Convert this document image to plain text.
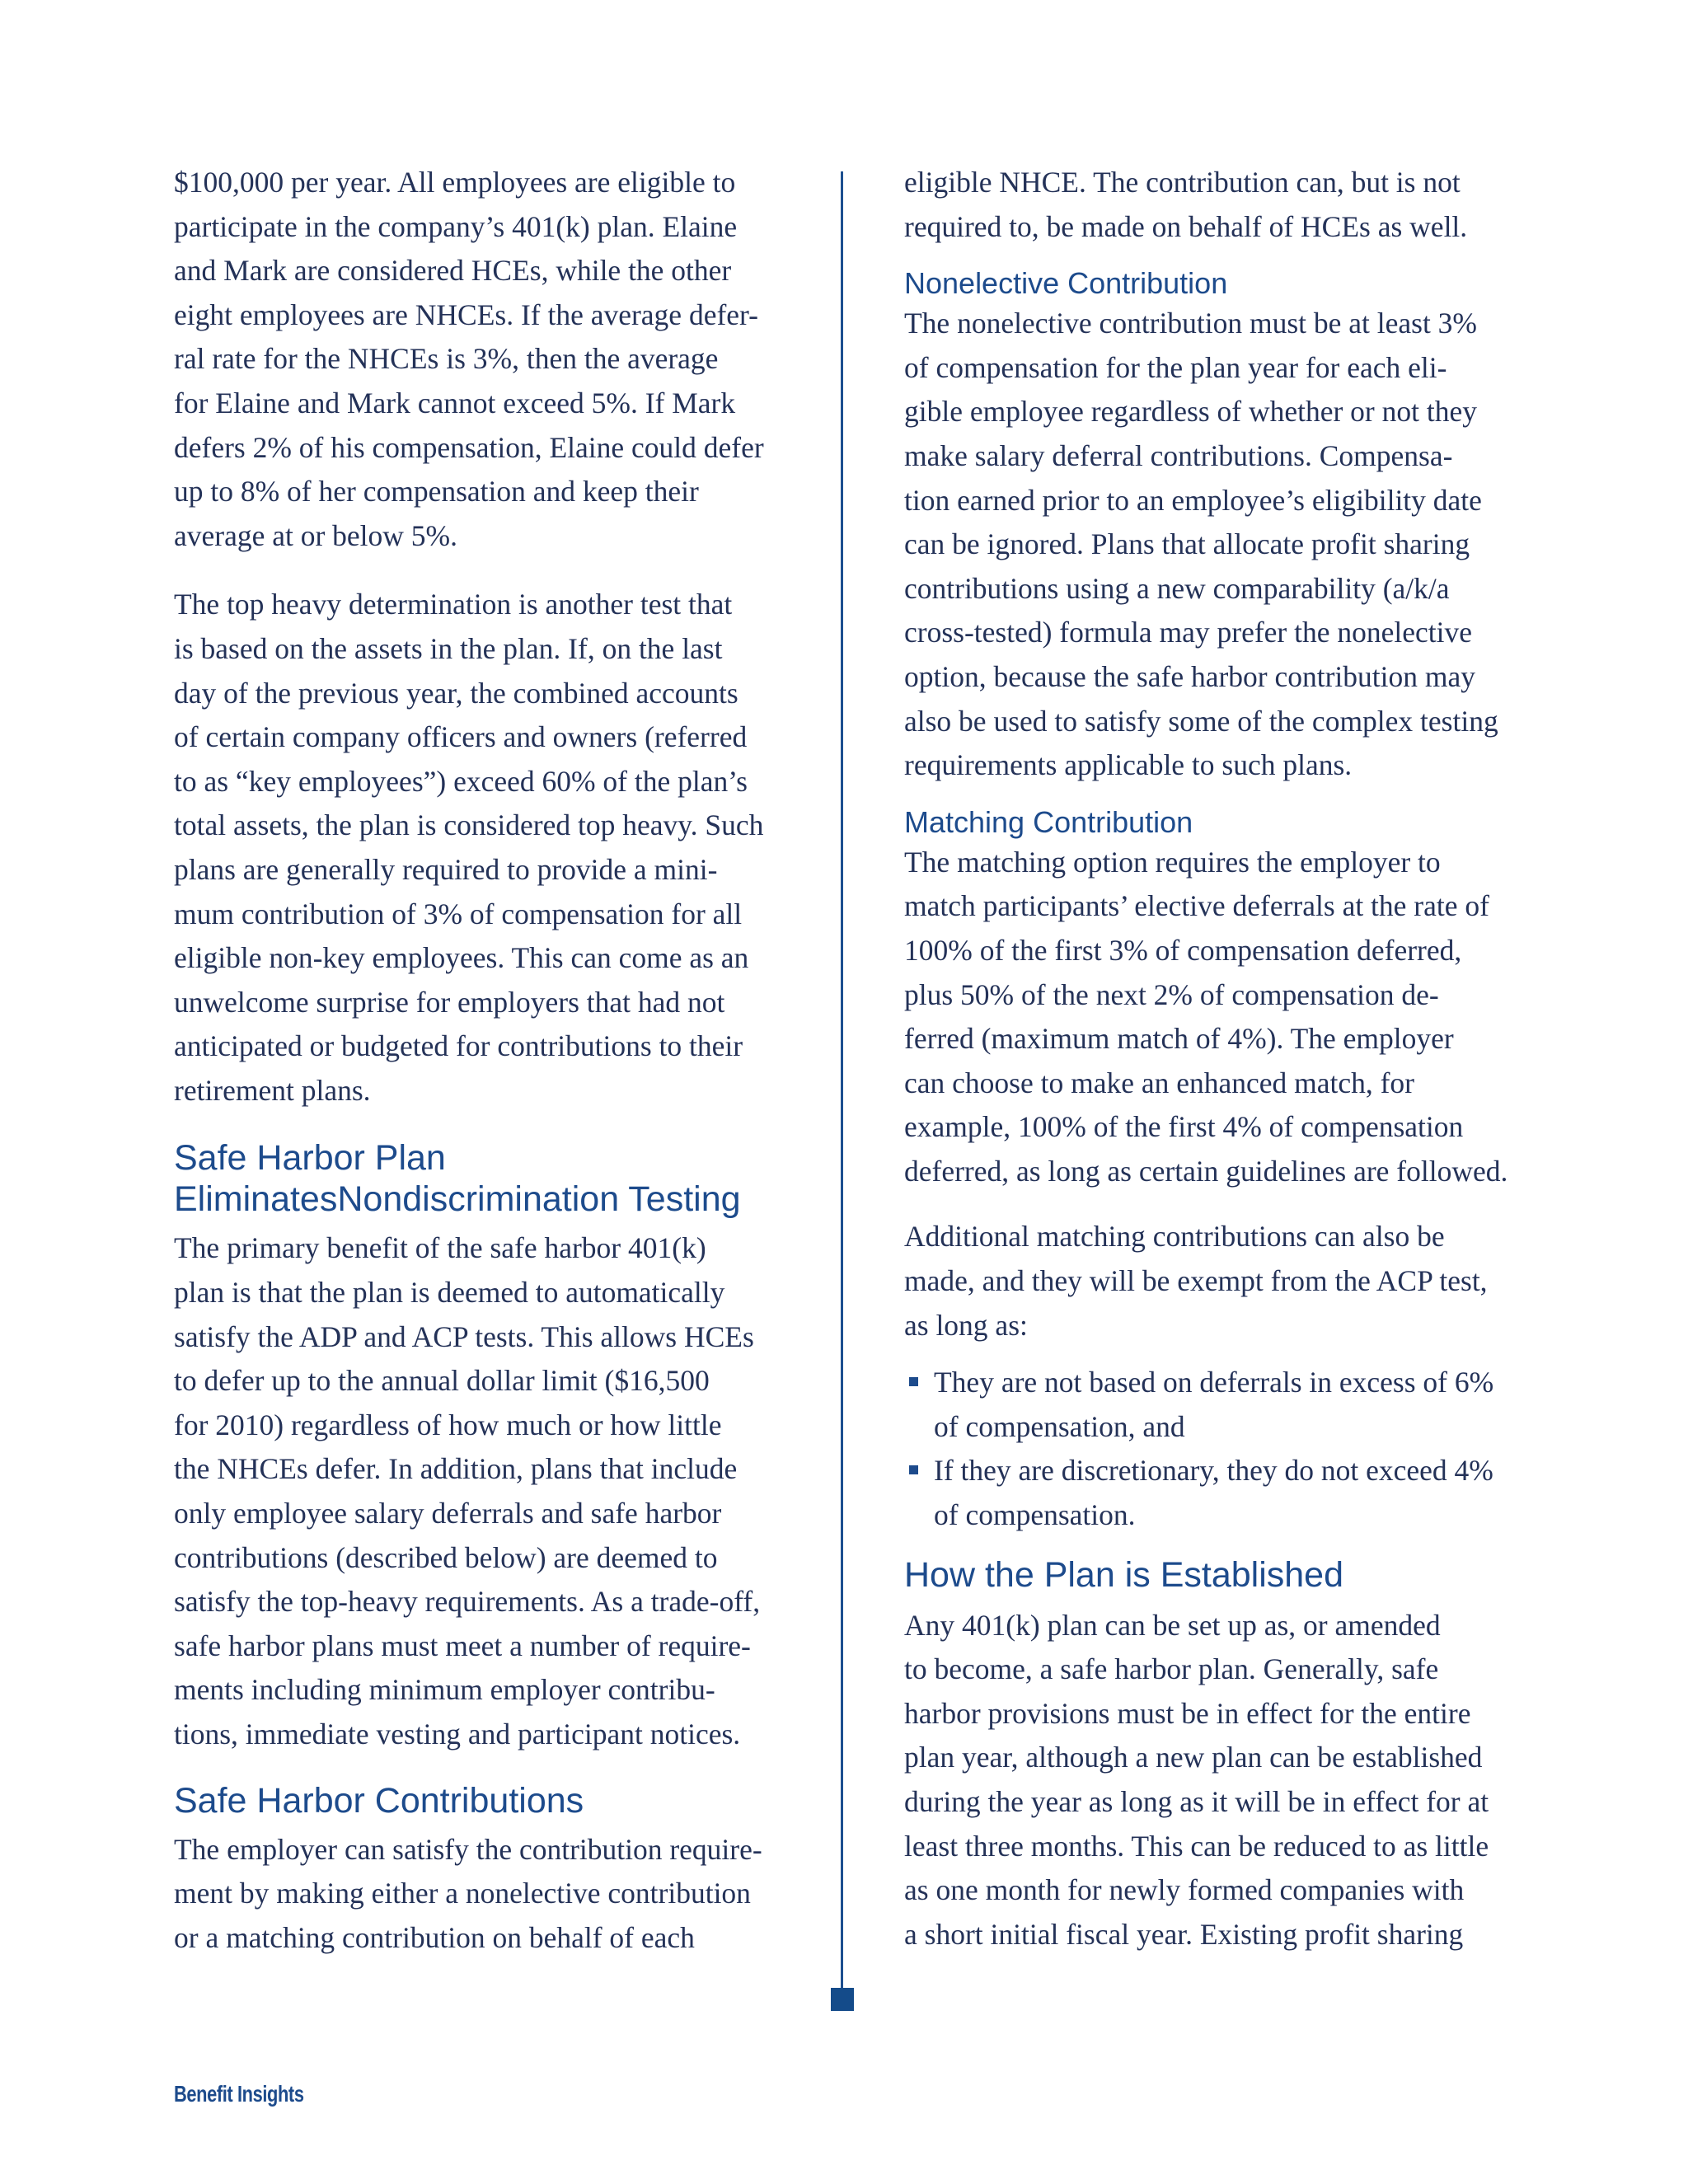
$100,000 per year. All employees are eligible to
participate in the company’s 401(k) plan. Elaine
and Mark are considered HCEs, while the other
eight employees are NHCEs. If the average defer-
ral rate for the NHCEs is 3%, then the average
for Elaine and Mark cannot exceed 5%. If Mark
defers 2% of his compensation, Elaine could defer
up to 8% of her compensation and keep their
average at or below 5%.

The top heavy determination is another test that
is based on the assets in the plan. If, on the last
day of the previous year, the combined accounts
of certain company officers and owners (referred
to as “key employees”) exceed 60% of the plan’s
total assets, the plan is considered top heavy. Such
plans are generally required to provide a mini-
mum contribution of 3% of compensation for all
eligible non-key employees. This can come as an
unwelcome surprise for employers that had not
anticipated or budgeted for contributions to their
retirement plans.

Safe Harbor Plan EliminatesNondiscrimination Testing

The primary benefit of the safe harbor 401(k)
plan is that the plan is deemed to automatically
satisfy the ADP and ACP tests. This allows HCEs
to defer up to the annual dollar limit ($16,500
for 2010) regardless of how much or how little
the NHCEs defer. In addition, plans that include
only employee salary deferrals and safe harbor
contributions (described below) are deemed to
satisfy the top-heavy requirements. As a trade-off,
safe harbor plans must meet a number of require-
ments including minimum employer contribu-
tions, immediate vesting and participant notices.

Safe Harbor Contributions

The employer can satisfy the contribution require-
ment by making either a nonelective contribution
or a matching contribution on behalf of each

eligible NHCE. The contribution can, but is not
required to, be made on behalf of HCEs as well.

Nonelective Contribution

The nonelective contribution must be at least 3%
of compensation for the plan year for each eli-
gible employee regardless of whether or not they
make salary deferral contributions. Compensa-
tion earned prior to an employee’s eligibility date
can be ignored. Plans that allocate profit sharing
contributions using a new comparability (a/k/a
cross-tested) formula may prefer the nonelective
option, because the safe harbor contribution may
also be used to satisfy some of the complex testing
requirements applicable to such plans.

Matching Contribution

The matching option requires the employer to
match participants’ elective deferrals at the rate of
100% of the first 3% of compensation deferred,
plus 50% of the next 2% of compensation de-
ferred (maximum match of 4%). The employer
can choose to make an enhanced match, for
example, 100% of the first 4% of compensation
deferred, as long as certain guidelines are followed.

Additional matching contributions can also be
made, and they will be exempt from the ACP test,
as long as:

They are not based on deferrals in excess of 6%
of compensation, and
If they are discretionary, they do not exceed 4%
of compensation.
How the Plan is Established

Any 401(k) plan can be set up as, or amended
to become, a safe harbor plan. Generally, safe
harbor provisions must be in effect for the entire
plan year, although a new plan can be established
during the year as long as it will be in effect for at
least three months. This can be reduced to as little
as one month for newly formed companies with
a short initial fiscal year. Existing profit sharing

Benefit Insights
